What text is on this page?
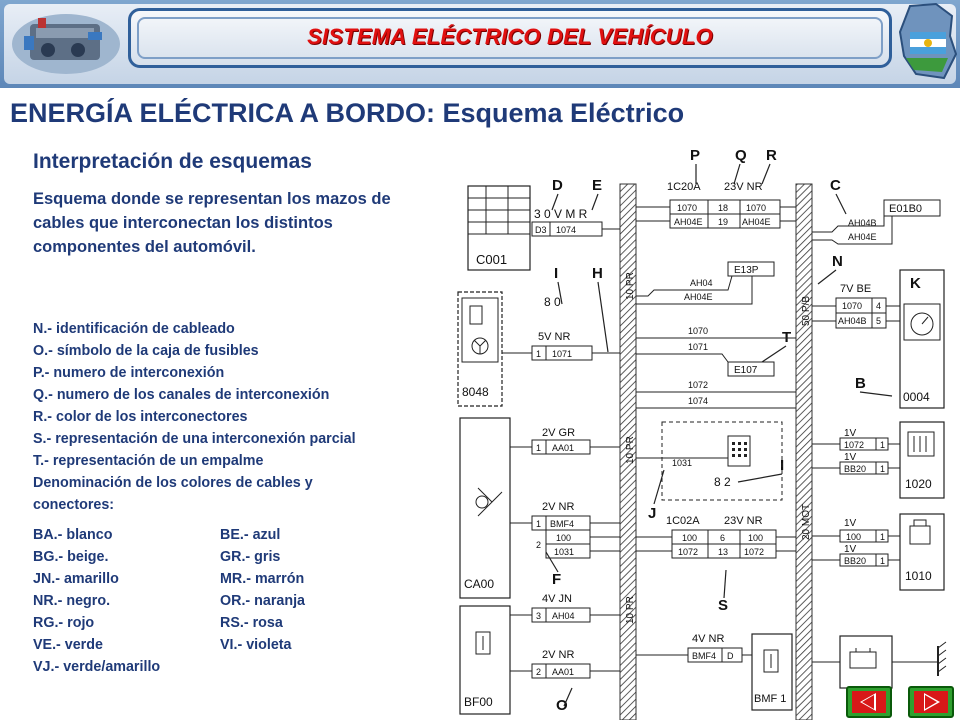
SISTEMA ELÉCTRICO DEL VEHÍCULO
ENERGÍA ELÉCTRICA A BORDO: Esquema Eléctrico
Interpretación de esquemas
Esquema donde se representan los mazos de cables que interconectan los distintos componentes del automóvil.
N.- identificación de cableado
O.- símbolo de la caja de fusibles
P.- numero de interconexión
Q.- numero de los canales de interconexión
R.- color de los interconectores
S.- representación de una interconexión parcial
T.- representación de un empalme
Denominación de los colores de cables y
conectores:
BA.- blanco	BE.- azul
BG.- beige.	GR.- gris
JN.- amarillo	MR.- marrón
NR.- negro.	OR.- naranja
RG.- rojo	RS.- rosa
VE.- verde	VI.- violeta
VJ.- verde/amarillo
P Q R
D E	C
I H
N
K
T
B
I
J
F
S
O
1C20A 23V NR
1070 18 1070
AH04E 19 AH04E
C001
3 0 V M R
D3 1074
E01B0
AH04B
AH04E
10 PR
50 P/B
10 PR
20 MOT
10 PR
E13P
AH04
AH04E
7V BE
1070 4
AH04B 5
0004
8048
8 0
5V NR
1 1071
1070
1071
E107
1072
1074
CA00
2V GR
1 AA01
1031
8 2
1V
1V
1072 1
BB20 1
1020
2V NR
1 BMF4
2
100
1031
1C02A 23V NR
100	6	100
1072 13 1072
1V
1V
100 1
BB20 1
1010
BF00
4V JN
3 AH04
2V NR
2 AA01
4V NR
BMF4 D
BMF 1
